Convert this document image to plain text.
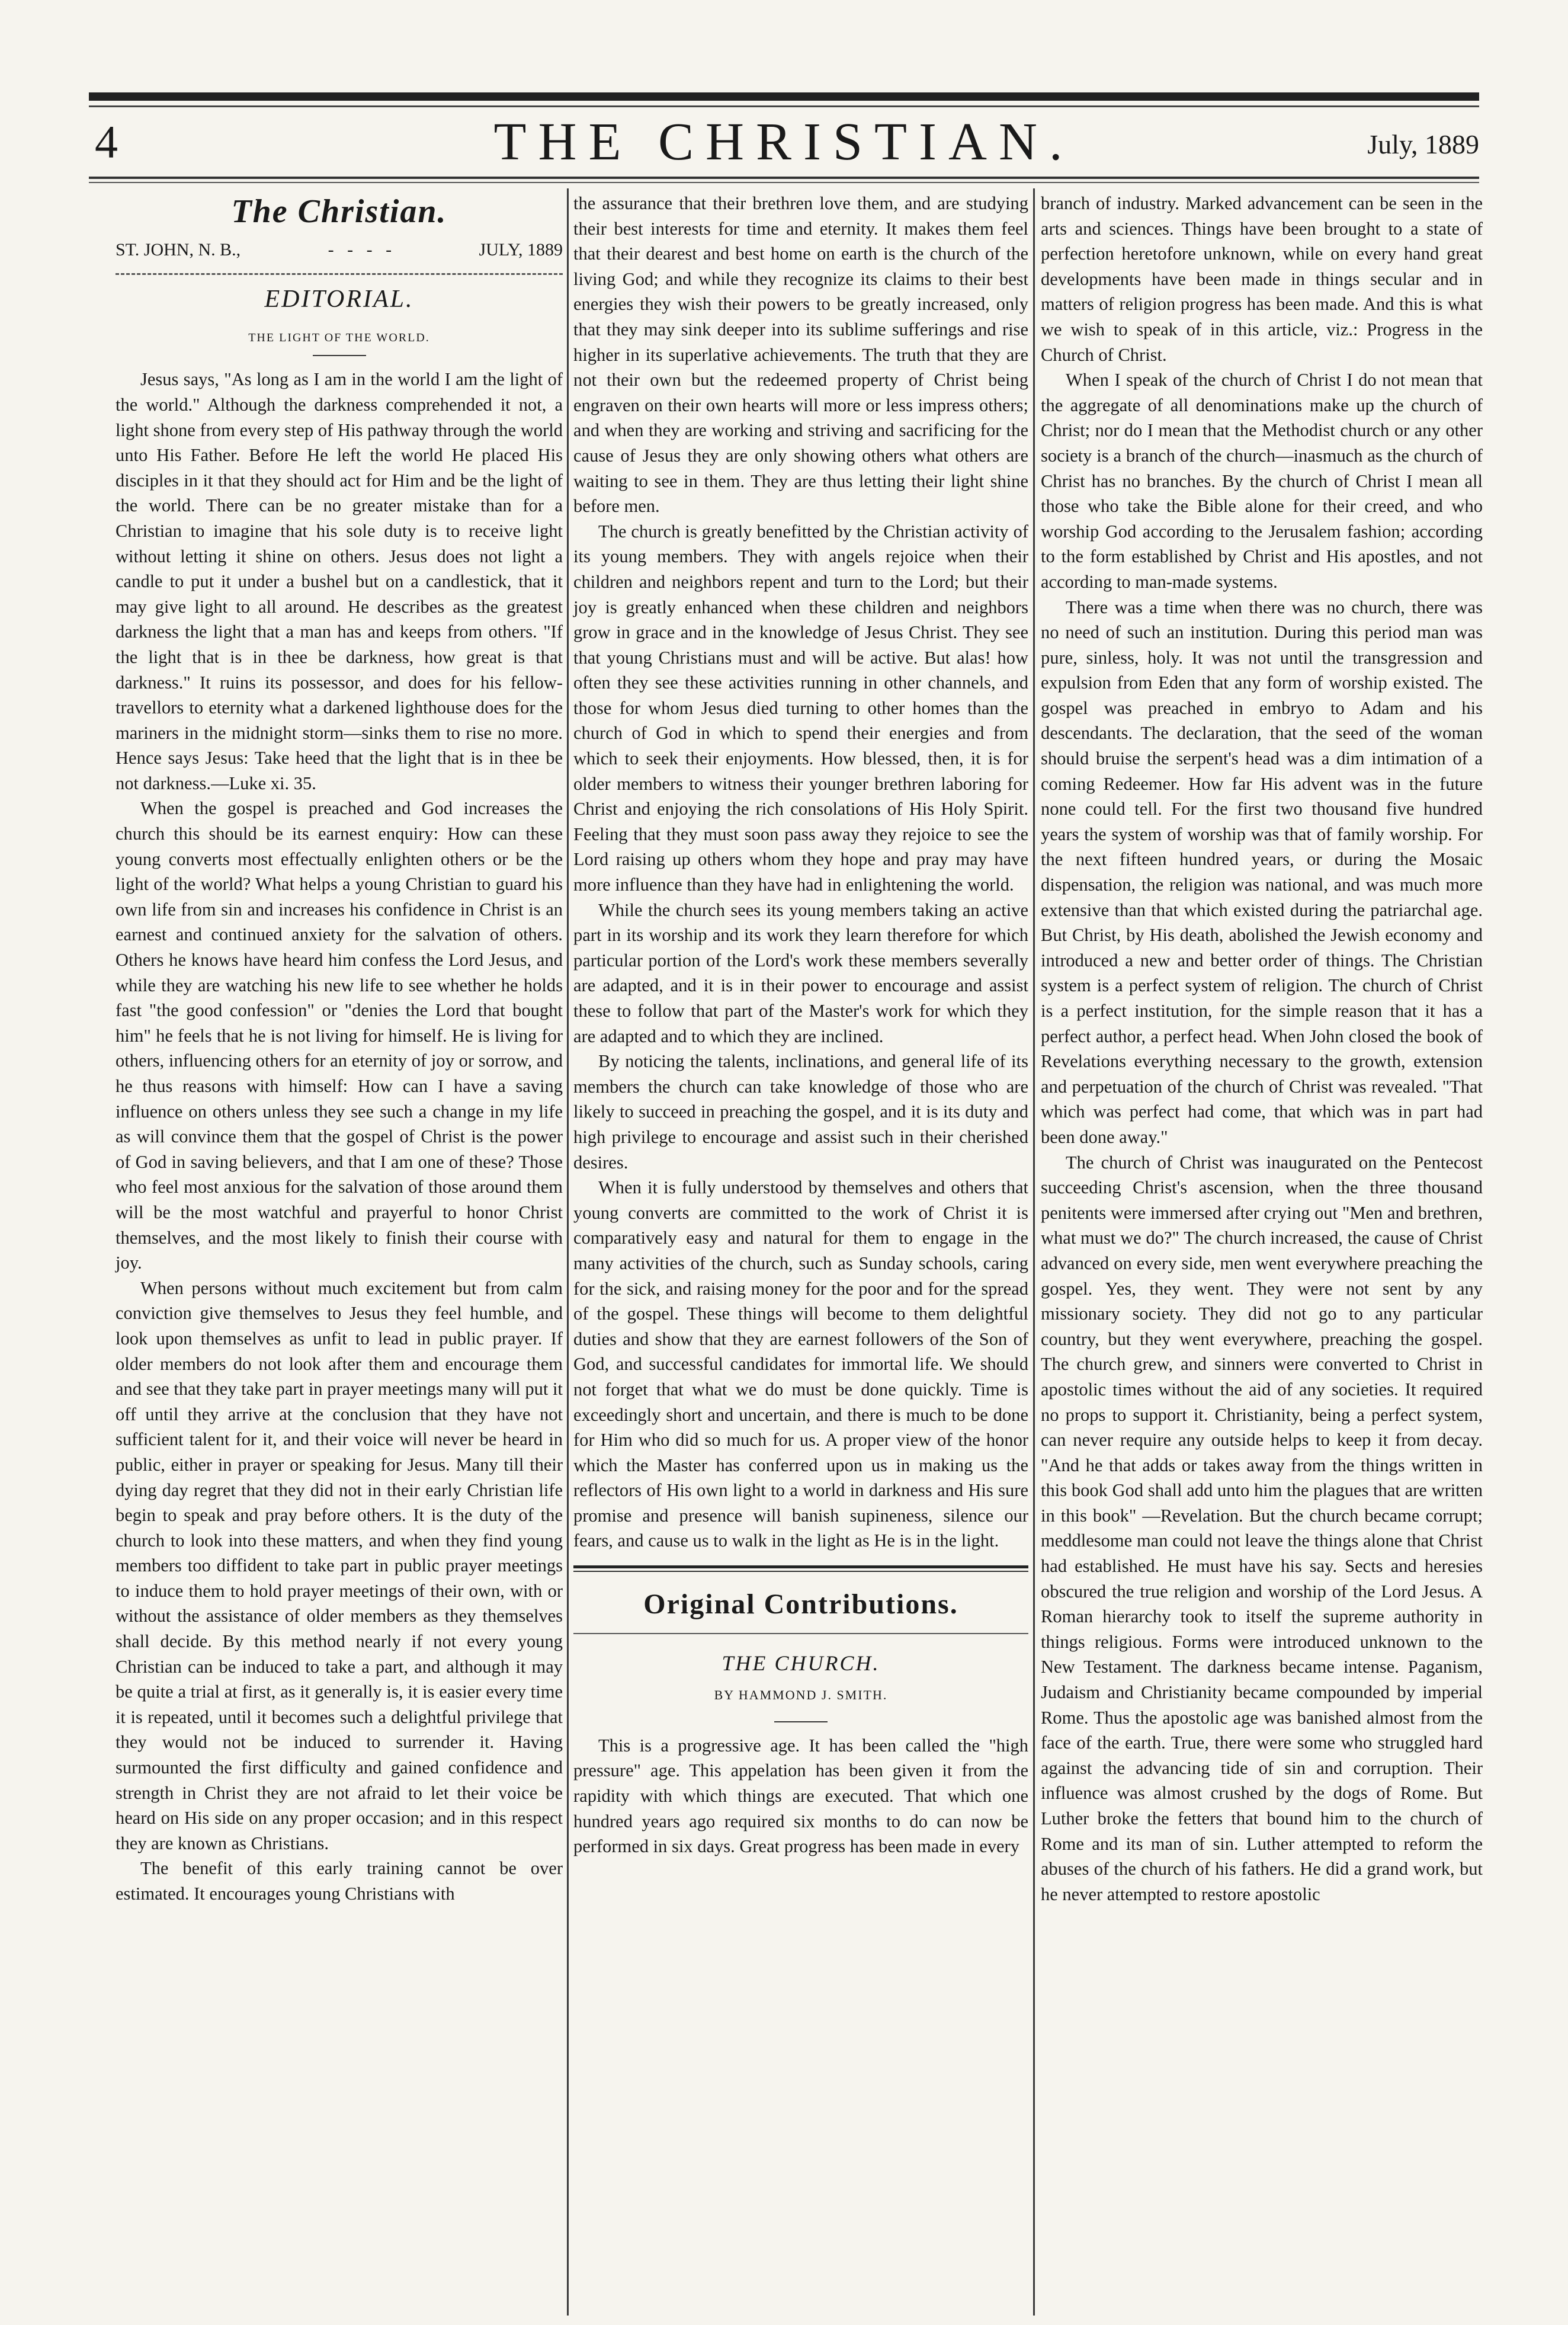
4	THE CHRISTIAN.	July, 1889
The Christian.
ST. JOHN, N. B.,	-   -   -   -	JULY, 1889
EDITORIAL.
THE LIGHT OF THE WORLD.

Jesus says, "As long as I am in the world I am the light of the world." Although the darkness comprehended it not, a light shone from every step of His pathway through the world unto His Father. Before He left the world He placed His disciples in it that they should act for Him and be the light of the world. There can be no greater mistake than for a Christian to imagine that his sole duty is to receive light without letting it shine on others. Jesus does not light a candle to put it under a bushel but on a candlestick, that it may give light to all around. He describes as the greatest darkness the light that a man has and keeps from others. "If the light that is in thee be darkness, how great is that darkness." It ruins its possessor, and does for his fellow-travellors to eternity what a darkened lighthouse does for the mariners in the midnight storm—sinks them to rise no more. Hence says Jesus: Take heed that the light that is in thee be not darkness.—Luke xi. 35.

When the gospel is preached and God increases the church this should be its earnest enquiry: How can these young converts most effectually enlighten others or be the light of the world? What helps a young Christian to guard his own life from sin and increases his confidence in Christ is an earnest and continued anxiety for the salvation of others. Others he knows have heard him confess the Lord Jesus, and while they are watching his new life to see whether he holds fast "the good confession" or "denies the Lord that bought him" he feels that he is not living for himself. He is living for others, influencing others for an eternity of joy or sorrow, and he thus reasons with himself: How can I have a saving influence on others unless they see such a change in my life as will convince them that the gospel of Christ is the power of God in saving believers, and that I am one of these? Those who feel most anxious for the salvation of those around them will be the most watchful and prayerful to honor Christ themselves, and the most likely to finish their course with joy.

When persons without much excitement but from calm conviction give themselves to Jesus they feel humble, and look upon themselves as unfit to lead in public prayer. If older members do not look after them and encourage them and see that they take part in prayer meetings many will put it off until they arrive at the conclusion that they have not sufficient talent for it, and their voice will never be heard in public, either in prayer or speaking for Jesus. Many till their dying day regret that they did not in their early Christian life begin to speak and pray before others. It is the duty of the church to look into these matters, and when they find young members too diffident to take part in public prayer meetings to induce them to hold prayer meetings of their own, with or without the assistance of older members as they themselves shall decide. By this method nearly if not every young Christian can be induced to take a part, and although it may be quite a trial at first, as it generally is, it is easier every time it is repeated, until it becomes such a delightful privilege that they would not be induced to surrender it. Having surmounted the first difficulty and gained confidence and strength in Christ they are not afraid to let their voice be heard on His side on any proper occasion; and in this respect they are known as Christians.

The benefit of this early training cannot be over estimated. It encourages young Christians with

the assurance that their brethren love them, and are studying their best interests for time and eternity. It makes them feel that their dearest and best home on earth is the church of the living God; and while they recognize its claims to their best energies they wish their powers to be greatly increased, only that they may sink deeper into its sublime sufferings and rise higher in its superlative achievements. The truth that they are not their own but the redeemed property of Christ being engraven on their own hearts will more or less impress others; and when they are working and striving and sacrificing for the cause of Jesus they are only showing others what others are waiting to see in them. They are thus letting their light shine before men.

The church is greatly benefitted by the Christian activity of its young members. They with angels rejoice when their children and neighbors repent and turn to the Lord; but their joy is greatly enhanced when these children and neighbors grow in grace and in the knowledge of Jesus Christ. They see that young Christians must and will be active. But alas! how often they see these activities running in other channels, and those for whom Jesus died turning to other homes than the church of God in which to spend their energies and from which to seek their enjoyments. How blessed, then, it is for older members to witness their younger brethren laboring for Christ and enjoying the rich consolations of His Holy Spirit. Feeling that they must soon pass away they rejoice to see the Lord raising up others whom they hope and pray may have more influence than they have had in enlightening the world.

While the church sees its young members taking an active part in its worship and its work they learn therefore for which particular portion of the Lord's work these members severally are adapted, and it is in their power to encourage and assist these to follow that part of the Master's work for which they are adapted and to which they are inclined.

By noticing the talents, inclinations, and general life of its members the church can take knowledge of those who are likely to succeed in preaching the gospel, and it is its duty and high privilege to encourage and assist such in their cherished desires.

When it is fully understood by themselves and others that young converts are committed to the work of Christ it is comparatively easy and natural for them to engage in the many activities of the church, such as Sunday schools, caring for the sick, and raising money for the poor and for the spread of the gospel. These things will become to them delightful duties and show that they are earnest followers of the Son of God, and successful candidates for immortal life. We should not forget that what we do must be done quickly. Time is exceedingly short and uncertain, and there is much to be done for Him who did so much for us. A proper view of the honor which the Master has conferred upon us in making us the reflectors of His own light to a world in darkness and His sure promise and presence will banish supineness, silence our fears, and cause us to walk in the light as He is in the light.

Original Contributions.
THE CHURCH.
BY HAMMOND J. SMITH.

This is a progressive age. It has been called the "high pressure" age. This appelation has been given it from the rapidity with which things are executed. That which one hundred years ago required six months to do can now be performed in six days. Great progress has been made in every

branch of industry. Marked advancement can be seen in the arts and sciences. Things have been brought to a state of perfection heretofore unknown, while on every hand great developments have been made in things secular and in matters of religion progress has been made. And this is what we wish to speak of in this article, viz.: Progress in the Church of Christ.

When I speak of the church of Christ I do not mean that the aggregate of all denominations make up the church of Christ; nor do I mean that the Methodist church or any other society is a branch of the church—inasmuch as the church of Christ has no branches. By the church of Christ I mean all those who take the Bible alone for their creed, and who worship God according to the Jerusalem fashion; according to the form established by Christ and His apostles, and not according to man-made systems.

There was a time when there was no church, there was no need of such an institution. During this period man was pure, sinless, holy. It was not until the transgression and expulsion from Eden that any form of worship existed. The gospel was preached in embryo to Adam and his descendants. The declaration, that the seed of the woman should bruise the serpent's head was a dim intimation of a coming Redeemer. How far His advent was in the future none could tell. For the first two thousand five hundred years the system of worship was that of family worship. For the next fifteen hundred years, or during the Mosaic dispensation, the religion was national, and was much more extensive than that which existed during the patriarchal age. But Christ, by His death, abolished the Jewish economy and introduced a new and better order of things. The Christian system is a perfect system of religion. The church of Christ is a perfect institution, for the simple reason that it has a perfect author, a perfect head. When John closed the book of Revelations everything necessary to the growth, extension and perpetuation of the church of Christ was revealed. "That which was perfect had come, that which was in part had been done away."

The church of Christ was inaugurated on the Pentecost succeeding Christ's ascension, when the three thousand penitents were immersed after crying out "Men and brethren, what must we do?" The church increased, the cause of Christ advanced on every side, men went everywhere preaching the gospel. Yes, they went. They were not sent by any missionary society. They did not go to any particular country, but they went everywhere, preaching the gospel. The church grew, and sinners were converted to Christ in apostolic times without the aid of any societies. It required no props to support it. Christianity, being a perfect system, can never require any outside helps to keep it from decay. "And he that adds or takes away from the things written in this book God shall add unto him the plagues that are written in this book" —Revelation. But the church became corrupt; meddlesome man could not leave the things alone that Christ had established. He must have his say. Sects and heresies obscured the true religion and worship of the Lord Jesus. A Roman hierarchy took to itself the supreme authority in things religious. Forms were introduced unknown to the New Testament. The darkness became intense. Paganism, Judaism and Christianity became compounded by imperial Rome. Thus the apostolic age was banished almost from the face of the earth. True, there were some who struggled hard against the advancing tide of sin and corruption. Their influence was almost crushed by the dogs of Rome. But Luther broke the fetters that bound him to the church of Rome and its man of sin. Luther attempted to reform the abuses of the church of his fathers. He did a grand work, but he never attempted to restore apostolic
